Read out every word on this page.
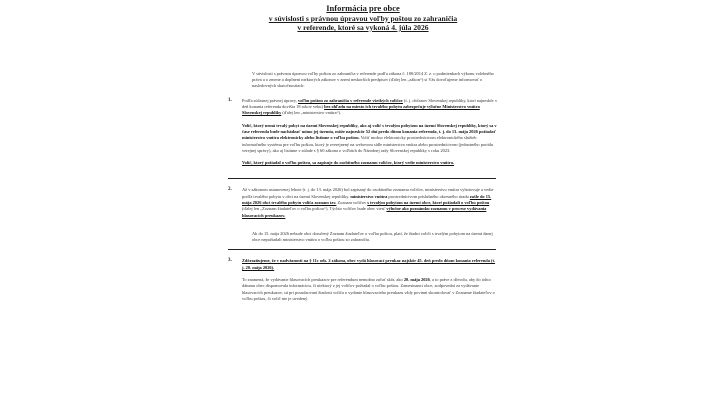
Informácia pre obce
v súvislosti s právnou úpravou voľby poštou zo zahraničia
v referende, ktoré sa vykoná 4. júla 2026
V súvislosti s právnou úpravou voľby poštou zo zahraničia v referende podľa zákona č. 180/2014 Z. z. o podmienkach výkonu volebného práva a o zmene a doplnení niektorých zákonov v znení neskorších predpisov (ďalej len „zákon“) si Vás dovoľujeme informovať o nasledovných skutočnostiach:
1.	Podľa súčasnej právnej úpravy, voľbu poštou zo zahraničia v referende všetkých voličov (t. j. občanov Slovenskej republiky, ktorí najneskôr v deň konania referenda dovŕšia 18 rokov veku) bez ohľadu na miesto ich trvalého pobytu zabezpečuje výlučne Ministerstvo vnútra Slovenskej republiky (ďalej len „ministerstvo vnútra“).

Volič, ktorý nemá trvalý pobyt na území Slovenskej republiky, ako aj volič s trvalým pobytom na území Slovenskej republiky, ktorý sa v čase referenda bude nachádzať mimo jej územia, môže najneskôr 52 dní predo dňom konania referenda, t. j. do 13. mája 2026 požiadať ministerstvo vnútra elektronicky alebo listinne o voľbu poštou. Voliť možno elektronicky prostredníctvom elektronického služieb informačného systému pre voľbu poštou, ktorý je zverejnený na webovom sídle ministerstva vnútra alebo prostredníctvom (jednotného portálu verejnej správy), ako aj listinne v súlade s § 60 zákona o voľbách do Národnej rady Slovenskej republiky v roku 2023.

Volič, ktorý požiadal o voľbu poštou, sa zapisuje do osobitného zoznamu voličov, ktorý vedie ministerstvo vnútra.

2.	Až v zákonom ustanovenej lehote (t. j. do 13. mája 2026) bol zapísaný do osobitného zoznamu voličov, ministerstvo vnútra vyhotovuje a vedie podľa trvalého pobytu v obci na území Slovenskej republiky. ministerstvo vnútra prostredníctvom príslušného okresného úradu zašle do 15. mája 2026 obci trvalého pobytu voliča zoznam tzv. Zoznam voličov s trvalým pobytom na území obce, ktorí požiadali o voľbu poštou (ďalej len „Zoznam žiadateľov o voľbu poštou“). Týchto voličov bude obec viesť výlučne ako poznámku zoznamu v procese vydávania hlasovacích preukazov.

Ak do 15. mája 2026 nebude obci doručený Zoznam žiadateľov o voľbu poštou, platí, že žiadni voliči s trvalým pobytom na území danej obce nepožiadali ministerstvo vnútra o voľbu poštou zo zahraničia.

3.	Zdôrazňujeme, že v nadväznosti na § 11c ods. 2 zákona, obec vydá hlasovací preukaz najskôr 45. deň predo dňom konania referenda (t. j. 20. mája 2026).

To znamená, že vydávanie hlasovacích preukazov pre referendum nemožno začať skôr, ako 20. mája 2026, a to práve z dôvodu, aby do tohto dátumu obec dispomovala informáciou, či niektorý z jej voličov požiadal o voľbu poštou. Zamestnanci obce, zodpovední za vydávanie hlasovacích preukazov, sú pri posudzovaní žiadosti voliča o vydanie hlasovacieho preukazu vždy povinní skontrolovať v Zozname žiadateľov o voľbu poštou, či volič nie je uvedený.
